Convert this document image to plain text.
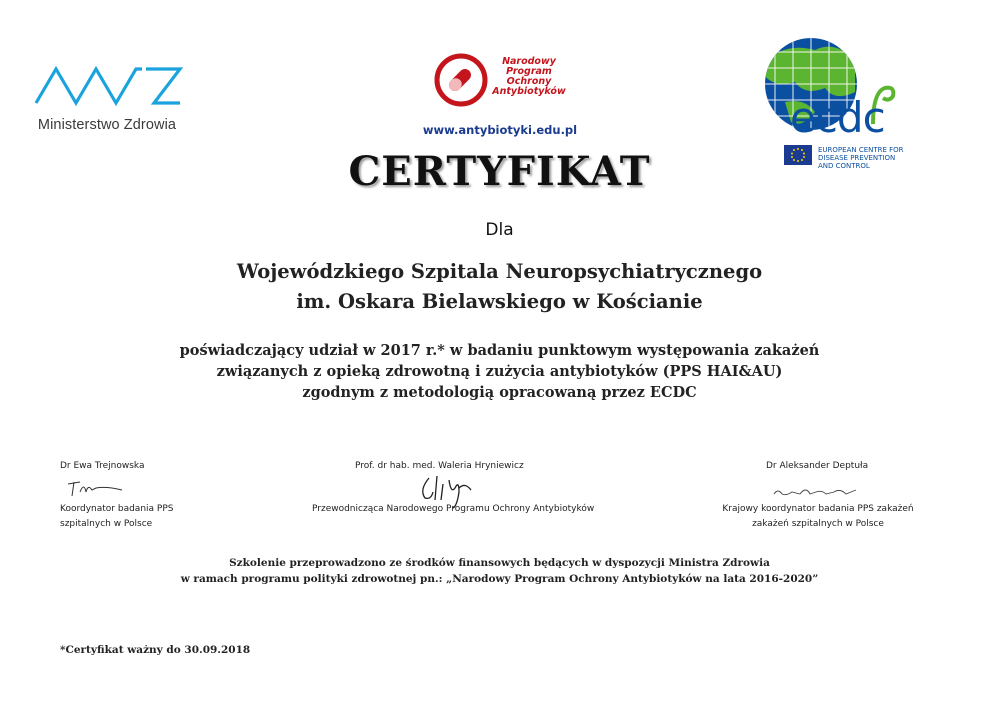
Ministerstwo Zdrowia
Narodowy
Program
Ochrony
Antybiotyków
www.antybiotyki.edu.pl	ecdc
EUROPEAN CENTRE FOR
DISEASE PREVENTION
AND CONTROL
CERTYFIKAT
Dla
Wojewódzkiego Szpitala Neuropsychiatrycznego
im. Oskara Bielawskiego w Kościanie
poświadczający udział w 2017 r.* w badaniu punktowym występowania zakażeń
związanych z opieką zdrowotną i zużycia antybiotyków (PPS HAI&AU)
zgodnym z metodologią opracowaną przez ECDC
Dr Ewa Trejnowska
Koordynator badania PPS
szpitalnych w Polsce
Prof. dr hab. med. Waleria Hryniewicz
Przewodnicząca Narodowego Programu Ochrony Antybiotyków
Dr Aleksander Deptuła
Krajowy koordynator badania PPS zakażeń
zakażeń szpitalnych w Polsce
Szkolenie przeprowadzono ze środków finansowych będących w dyspozycji Ministra Zdrowia
w ramach programu polityki zdrowotnej pn.: „Narodowy Program Ochrony Antybiotyków na lata 2016-2020”
*Certyfikat ważny do 30.09.2018
